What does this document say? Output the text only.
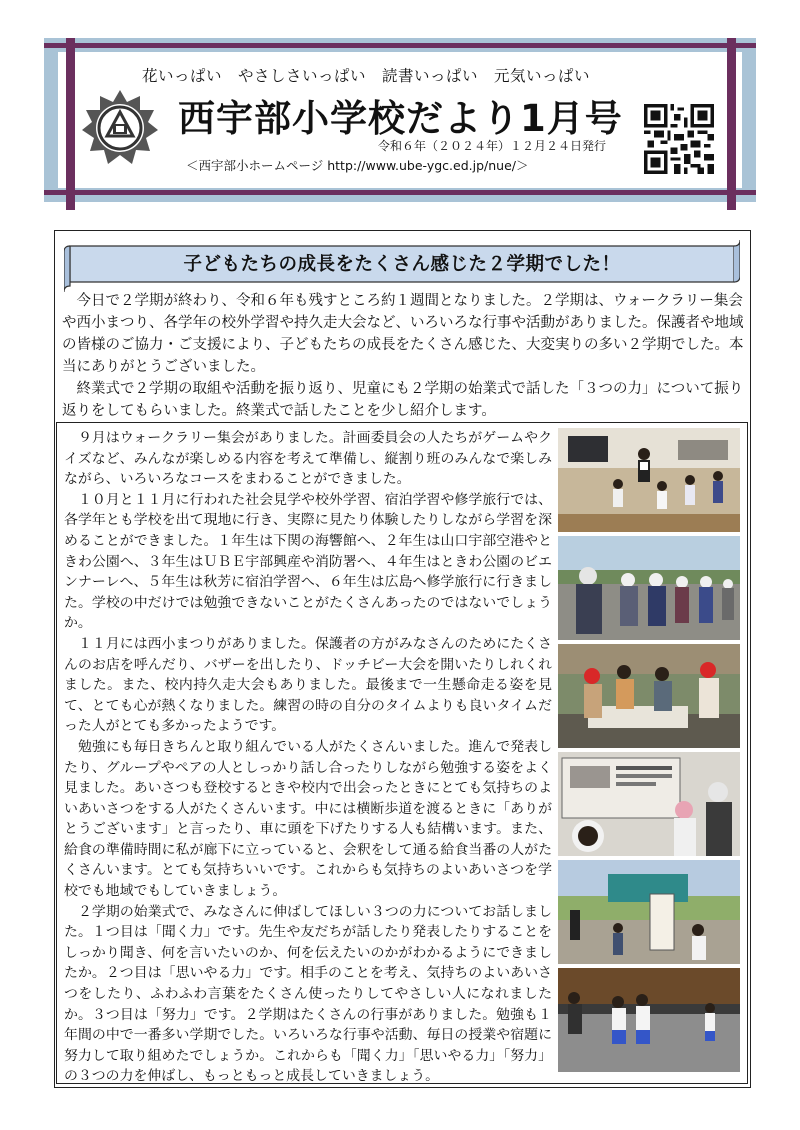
花いっぱい　やさしさいっぱい　読書いっぱい　元気いっぱい
西宇部小学校だより1月号
令和６年（２０２４年）１２月２４日発行
＜西宇部小ホームページ http://www.ube-ygc.ed.jp/nue/＞
子どもたちの成長をたくさん感じた２学期でした！

　今日で２学期が終わり、令和６年も残すところ約１週間となりました。２学期は、ウォークラリー集会や西小まつり、各学年の校外学習や持久走大会など、いろいろな行事や活動がありました。保護者や地域の皆様のご協力・ご支援により、子どもたちの成長をたくさん感じた、大変実りの多い２学期でした。本当にありがとうございました。

　終業式で２学期の取組や活動を振り返り、児童にも２学期の始業式で話した「３つの力」について振り返りをしてもらいました。終業式で話したことを少し紹介します。

　９月はウォークラリー集会がありました。計画委員会の人たちがゲームやクイズなど、みんなが楽しめる内容を考えて準備し、縦割り班のみんなで楽しみながら、いろいろなコースをまわることができました。

　１０月と１１月に行われた社会見学や校外学習、宿泊学習や修学旅行では、各学年とも学校を出て現地に行き、実際に見たり体験したりしながら学習を深めることができました。１年生は下関の海響館へ、２年生は山口宇部空港やときわ公園へ、３年生はＵＢＥ宇部興産や消防署へ、４年生はときわ公園のビエンナーレへ、５年生は秋芳に宿泊学習へ、６年生は広島へ修学旅行に行きました。学校の中だけでは勉強できないことがたくさんあったのではないでしょうか。

　１１月には西小まつりがありました。保護者の方がみなさんのためにたくさんのお店を呼んだり、バザーを出したり、ドッチビー大会を開いたりしれくれました。また、校内持久走大会もありました。最後まで一生懸命走る姿を見て、とても心が熱くなりました。練習の時の自分のタイムよりも良いタイムだった人がとても多かったようです。

　勉強にも毎日きちんと取り組んでいる人がたくさんいました。進んで発表したり、グループやペアの人としっかり話し合ったりしながら勉強する姿をよく見ました。あいさつも登校するときや校内で出会ったときにとても気持ちのよいあいさつをする人がたくさんいます。中には横断歩道を渡るときに「ありがとうございます」と言ったり、車に頭を下げたりする人も結構います。また、給食の準備時間に私が廊下に立っていると、会釈をして通る給食当番の人がたくさんいます。とても気持ちいいです。これからも気持ちのよいあいさつを学校でも地域でもしていきましょう。

　２学期の始業式で、みなさんに伸ばしてほしい３つの力についてお話しました。１つ目は「聞く力」です。先生や友だちが話したり発表したりすることをしっかり聞き、何を言いたいのか、何を伝えたいのかがわかるようにできましたか。２つ目は「思いやる力」です。相手のことを考え、気持ちのよいあいさつをしたり、ふわふわ言葉をたくさん使ったりしてやさしい人になれましたか。３つ目は「努力」です。２学期はたくさんの行事がありました。勉強も１年間の中で一番多い学期でした。いろいろな行事や活動、毎日の授業や宿題に努力して取り組めたでしょうか。これからも「聞く力」「思いやる力」「努力」の３つの力を伸ばし、もっともっと成長していきましょう。
